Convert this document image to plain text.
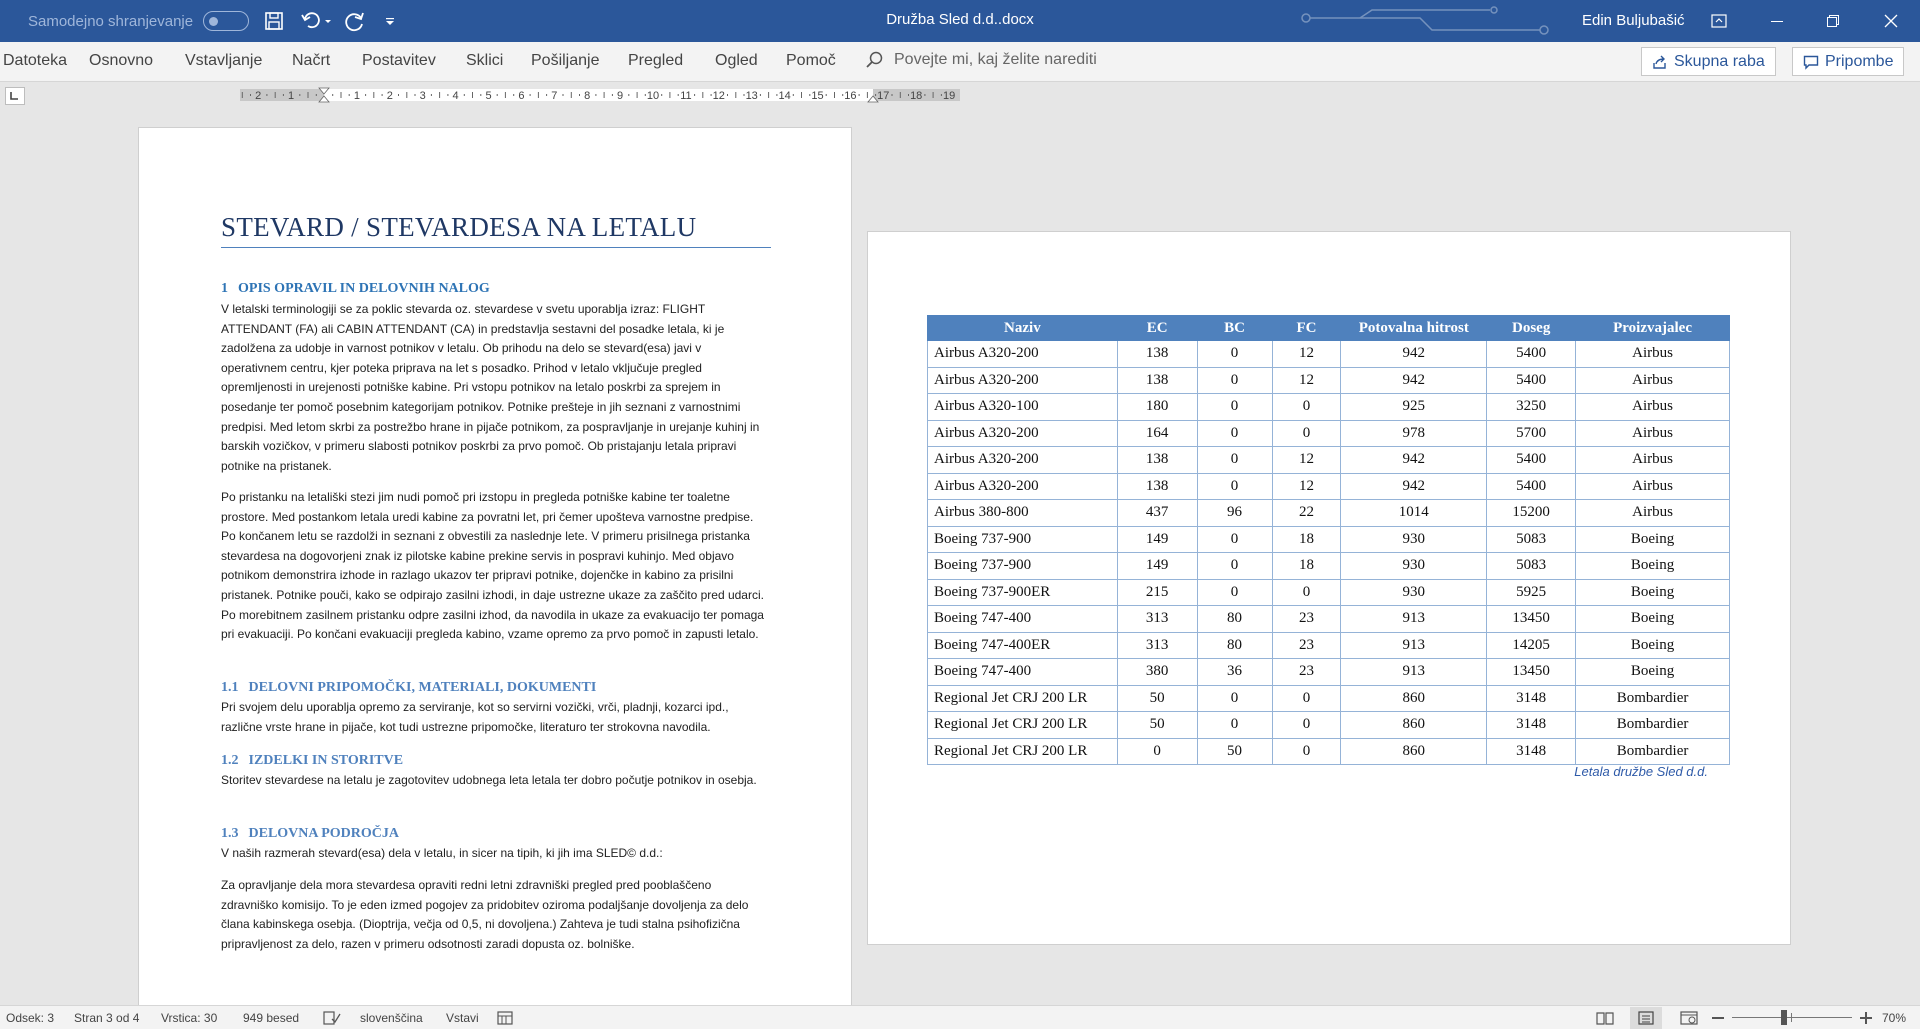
Samodejno shranjevanje	Družba Sled d.d..docx	Edin Buljubašić
Datoteka Osnovno Vstavljanje Načrt Postavitev Sklici Pošiljanje Pregled Ogled Pomoč	Povejte mi, kaj želite narediti	Skupna raba	Pripombe
2 1	1 2 3 4 5 6 7 8 9 10 11 12 13 14 15 16 17 18 19
STEVARD / STEVARDESA NA LETALU
1 OPIS OPRAVIL IN DELOVNIH NALOG
V letalski terminologiji se za poklic stevarda oz. stevardese v svetu uporablja izraz: FLIGHT ATTENDANT (FA) ali CABIN ATTENDANT (CA) in predstavlja sestavni del posadke letala, ki je zadolžena za udobje in varnost potnikov v letalu. Ob prihodu na delo se stevard(esa) javi v operativnem centru, kjer poteka priprava na let s posadko. Prihod v letalo vključuje pregled opremljenosti in urejenosti potniške kabine. Pri vstopu potnikov na letalo poskrbi za sprejem in posedanje ter pomoč posebnim kategorijam potnikov. Potnike prešteje in jih seznani z varnostnimi predpisi. Med letom skrbi za postrežbo hrane in pijače potnikom, za pospravljanje in urejanje kuhinj in barskih vozičkov, v primeru slabosti potnikov poskrbi za prvo pomoč. Ob pristajanju letala pripravi potnike na pristanek.
Po pristanku na letališki stezi jim nudi pomoč pri izstopu in pregleda potniške kabine ter toaletne prostore. Med postankom letala uredi kabine za povratni let, pri čemer upošteva varnostne predpise. Po končanem letu se razdolži in seznani z obvestili za naslednje lete. V primeru prisilnega pristanka stevardesa na dogovorjeni znak iz pilotske kabine prekine servis in pospravi kuhinjo. Med objavo potnikom demonstrira izhode in razlago ukazov ter pripravi potnike, dojenčke in kabino za prisilni pristanek. Potnike pouči, kako se odpirajo zasilni izhodi, in daje ustrezne ukaze za zaščito pred udarci. Po morebitnem zasilnem pristanku odpre zasilni izhod, da navodila in ukaze za evakuacijo ter pomaga pri evakuaciji. Po končani evakuaciji pregleda kabino, vzame opremo za prvo pomoč in zapusti letalo.
1.1 DELOVNI PRIPOMOČKI, MATERIALI, DOKUMENTI
Pri svojem delu uporablja opremo za serviranje, kot so servirni vozički, vrči, pladnji, kozarci ipd., različne vrste hrane in pijače, kot tudi ustrezne pripomočke, literaturo ter strokovna navodila.
1.2 IZDELKI IN STORITVE
Storitev stevardese na letalu je zagotovitev udobnega leta letala ter dobro počutje potnikov in osebja.
1.3 DELOVNA PODROČJA
V naših razmerah stevard(esa) dela v letalu, in sicer na tipih, ki jih ima SLED© d.d.:
Za opravljanje dela mora stevardesa opraviti redni letni zdravniški pregled pred pooblaščeno zdravniško komisijo. To je eden izmed pogojev za pridobitev oziroma podaljšanje dovoljenja za delo člana kabinskega osebja. (Dioptrija, večja od 0,5, ni dovoljena.) Zahteva je tudi stalna psihofizična pripravljenost za delo, razen v primeru odsotnosti zaradi dopusta oz. bolniške.
Naziv	EC	BC	FC	Potovalna hitrost	Doseg	Proizvajalec
Airbus A320-200	138	0	12	942	5400	Airbus
Airbus A320-200	138	0	12	942	5400	Airbus
Airbus A320-100	180	0	0	925	3250	Airbus
Airbus A320-200	164	0	0	978	5700	Airbus
Airbus A320-200	138	0	12	942	5400	Airbus
Airbus A320-200	138	0	12	942	5400	Airbus
Airbus 380-800	437	96	22	1014	15200	Airbus
Boeing 737-900	149	0	18	930	5083	Boeing
Boeing 737-900	149	0	18	930	5083	Boeing
Boeing 737-900ER	215	0	0	930	5925	Boeing
Boeing 747-400	313	80	23	913	13450	Boeing
Boeing 747-400ER	313	80	23	913	14205	Boeing
Boeing 747-400	380	36	23	913	13450	Boeing
Regional Jet CRJ 200 LR	50	0	0	860	3148	Bombardier
Regional Jet CRJ 200 LR	50	0	0	860	3148	Bombardier
Regional Jet CRJ 200 LR	0	50	0	860	3148	Bombardier
Letala družbe Sled d.d.
Odsek: 3 Stran 3 od 4 Vrstica: 30 949 besed	slovenščina Vstavi	70%
